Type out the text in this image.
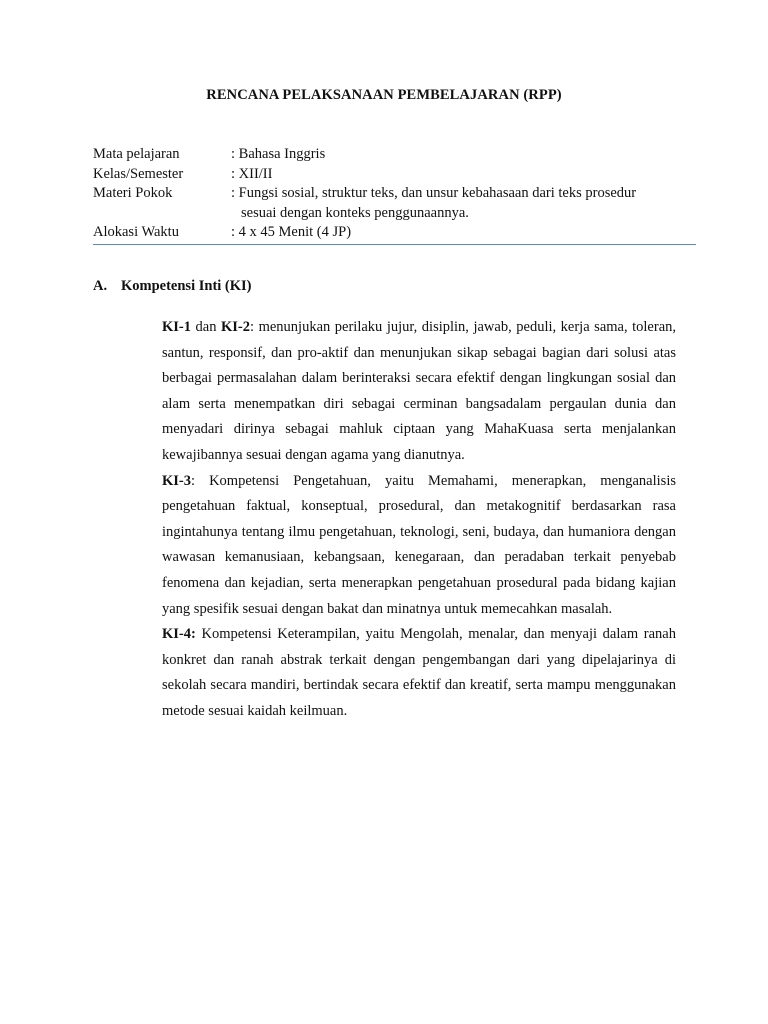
RENCANA PELAKSANAAN PEMBELAJARAN (RPP)
Mata pelajaran	: Bahasa Inggris
Kelas/Semester	: XII/II
Materi Pokok	: Fungsi sosial, struktur teks, dan unsur kebahasaan dari teks prosedur
sesuai dengan konteks penggunaannya.
Alokasi Waktu	: 4 x 45 Menit (4 JP)
A. Kompetensi Inti (KI)

KI-1 dan KI-2: menunjukan perilaku jujur, disiplin, jawab, peduli, kerja sama, toleran, santun, responsif, dan pro-aktif dan menunjukan sikap sebagai bagian dari solusi atas berbagai permasalahan dalam berinteraksi secara efektif dengan lingkungan sosial dan alam serta menempatkan diri sebagai cerminan bangsadalam pergaulan dunia dan menyadari dirinya sebagai mahluk ciptaan yang MahaKuasa serta menjalankan kewajibannya sesuai dengan agama yang dianutnya.

KI-3: Kompetensi Pengetahuan, yaitu Memahami, menerapkan, menganalisis pengetahuan faktual, konseptual, prosedural, dan metakognitif berdasarkan rasa ingintahunya tentang ilmu pengetahuan, teknologi, seni, budaya, dan humaniora dengan wawasan kemanusiaan, kebangsaan, kenegaraan, dan peradaban terkait penyebab fenomena dan kejadian, serta menerapkan pengetahuan prosedural pada bidang kajian yang spesifik sesuai dengan bakat dan minatnya untuk memecahkan masalah.

KI-4: Kompetensi Keterampilan, yaitu Mengolah, menalar, dan menyaji dalam ranah konkret dan ranah abstrak terkait dengan pengembangan dari yang dipelajarinya di sekolah secara mandiri, bertindak secara efektif dan kreatif, serta mampu menggunakan metode sesuai kaidah keilmuan.
